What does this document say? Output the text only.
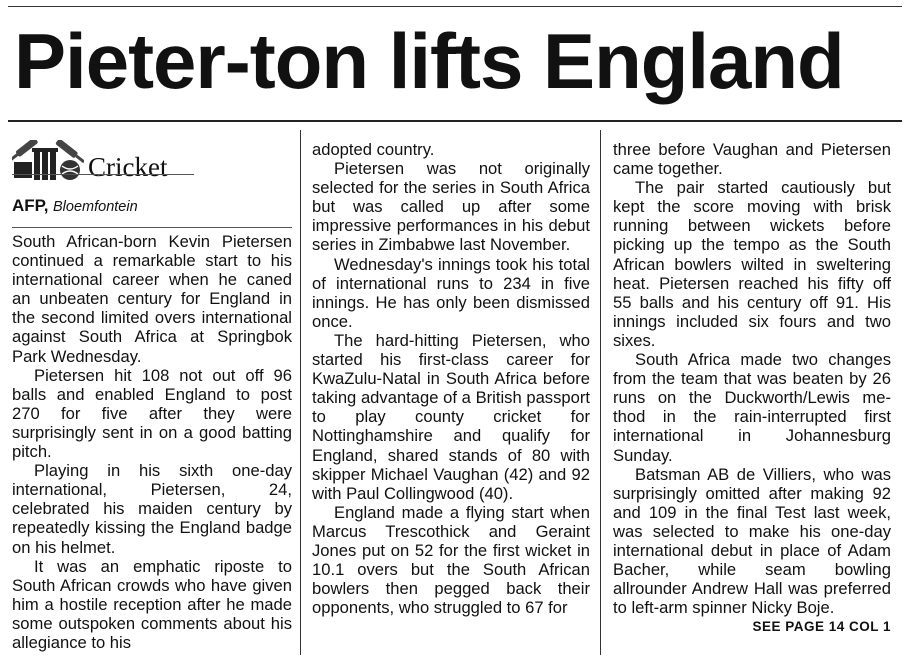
Pieter-ton lifts England
Cricket
AFP, Bloemfontein

South African-born Kevin Pietersen continued a remarkable start to his international career when he caned an unbeaten century for England in the second limited overs international against South Africa at Springbok Park Wednesday.

Pietersen hit 108 not out off 96 balls and enabled England to post 270 for five after they were surprisingly sent in on a good batting pitch.

Playing in his sixth one-day international, Pietersen, 24, celebrated his maiden century by repeatedly kissing the England badge on his helmet.

It was an emphatic riposte to South African crowds who have given him a hostile reception after he made some outspoken comments about his allegiance to his

adopted country.

Pietersen was not originally selected for the series in South Africa but was called up after some impressive performances in his debut series in Zimbabwe last November.

Wednesday's innings took his total of international runs to 234 in five innings. He has only been dismissed once.

The hard-hitting Pietersen, who started his first-class career for KwaZulu-Natal in South Africa before taking advantage of a British passport to play county cricket for Nottinghamshire and qualify for England, shared stands of 80 with skipper Michael Vaughan (42) and 92 with Paul Collingwood (40).

England made a flying start when Marcus Trescothick and Geraint Jones put on 52 for the first wicket in 10.1 overs but the South African bowlers then pegged back their opponents, who struggled to 67 for

three before Vaughan and Pietersen came together.

The pair started cautiously but kept the score moving with brisk running between wickets before picking up the tempo as the South African bowlers wilted in sweltering heat. Pietersen reached his fifty off 55 balls and his century off 91. His innings included six fours and two sixes.

South Africa made two changes from the team that was beaten by 26 runs on the Duckworth/Lewis me-thod in the rain-interrupted first international in Johannesburg Sunday.

Batsman AB de Villiers, who was surprisingly omitted after making 92 and 109 in the final Test last week, was selected to make his one-day international debut in place of Adam Bacher, while seam bowling allrounder Andrew Hall was preferred to left-arm spinner Nicky Boje.

SEE PAGE 14 COL 1
